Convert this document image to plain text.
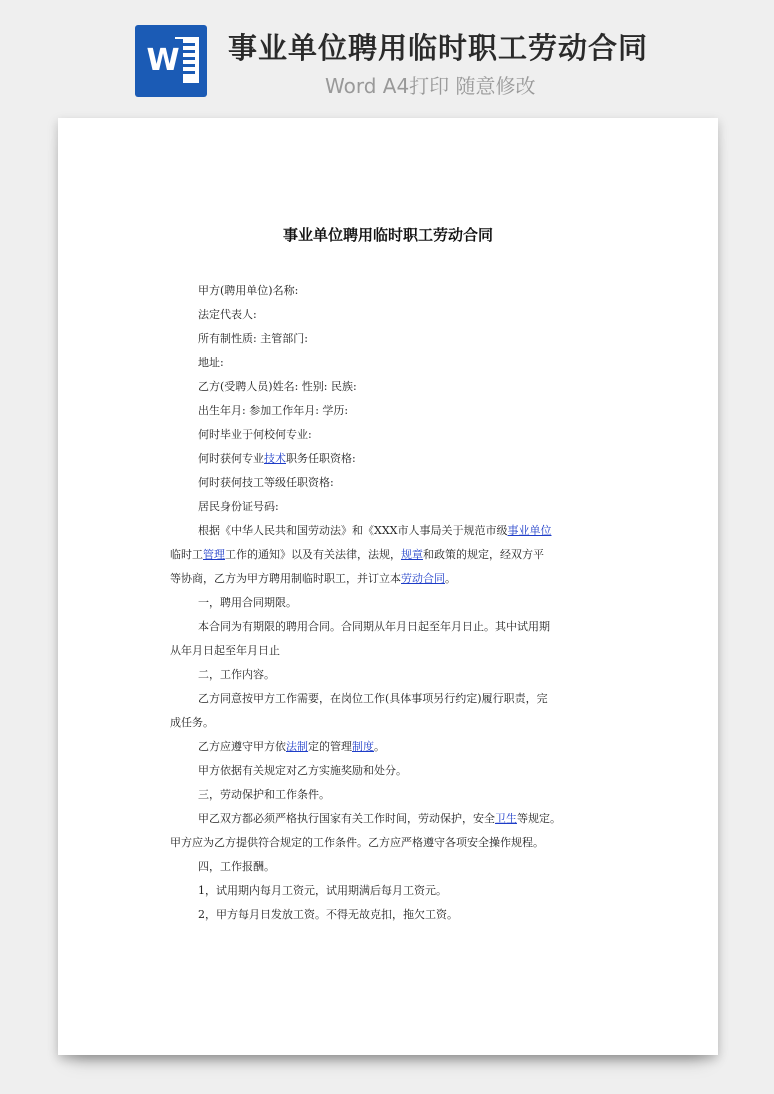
W 事业单位聘用临时职工劳动合同
Word A4打印 随意修改

事业单位聘用临时职工劳动合同
甲方(聘用单位)名称:
法定代表人:
所有制性质: 主管部门:
地址:
乙方(受聘人员)姓名: 性别: 民族:
出生年月: 参加工作年月: 学历:
何时毕业于何校何专业:
何时获何专业技术职务任职资格:
何时获何技工等级任职资格:
居民身份证号码:
根据《中华人民共和国劳动法》和《XXX市人事局关于规范市级事业单位
临时工管理工作的通知》以及有关法律，法规，规章和政策的规定，经双方平
等协商，乙方为甲方聘用制临时职工，并订立本劳动合同。
一，聘用合同期限。
本合同为有期限的聘用合同。合同期从年月日起至年月日止。其中试用期
从年月日起至年月日止
二，工作内容。
乙方同意按甲方工作需要，在岗位工作(具体事项另行约定)履行职责，完
成任务。
乙方应遵守甲方依法制定的管理制度。
甲方依据有关规定对乙方实施奖励和处分。
三，劳动保护和工作条件。
甲乙双方都必须严格执行国家有关工作时间，劳动保护，安全卫生等规定。
甲方应为乙方提供符合规定的工作条件。乙方应严格遵守各项安全操作规程。
四，工作报酬。
1，试用期内每月工资元，试用期满后每月工资元。
2，甲方每月日发放工资。不得无故克扣，拖欠工资。
